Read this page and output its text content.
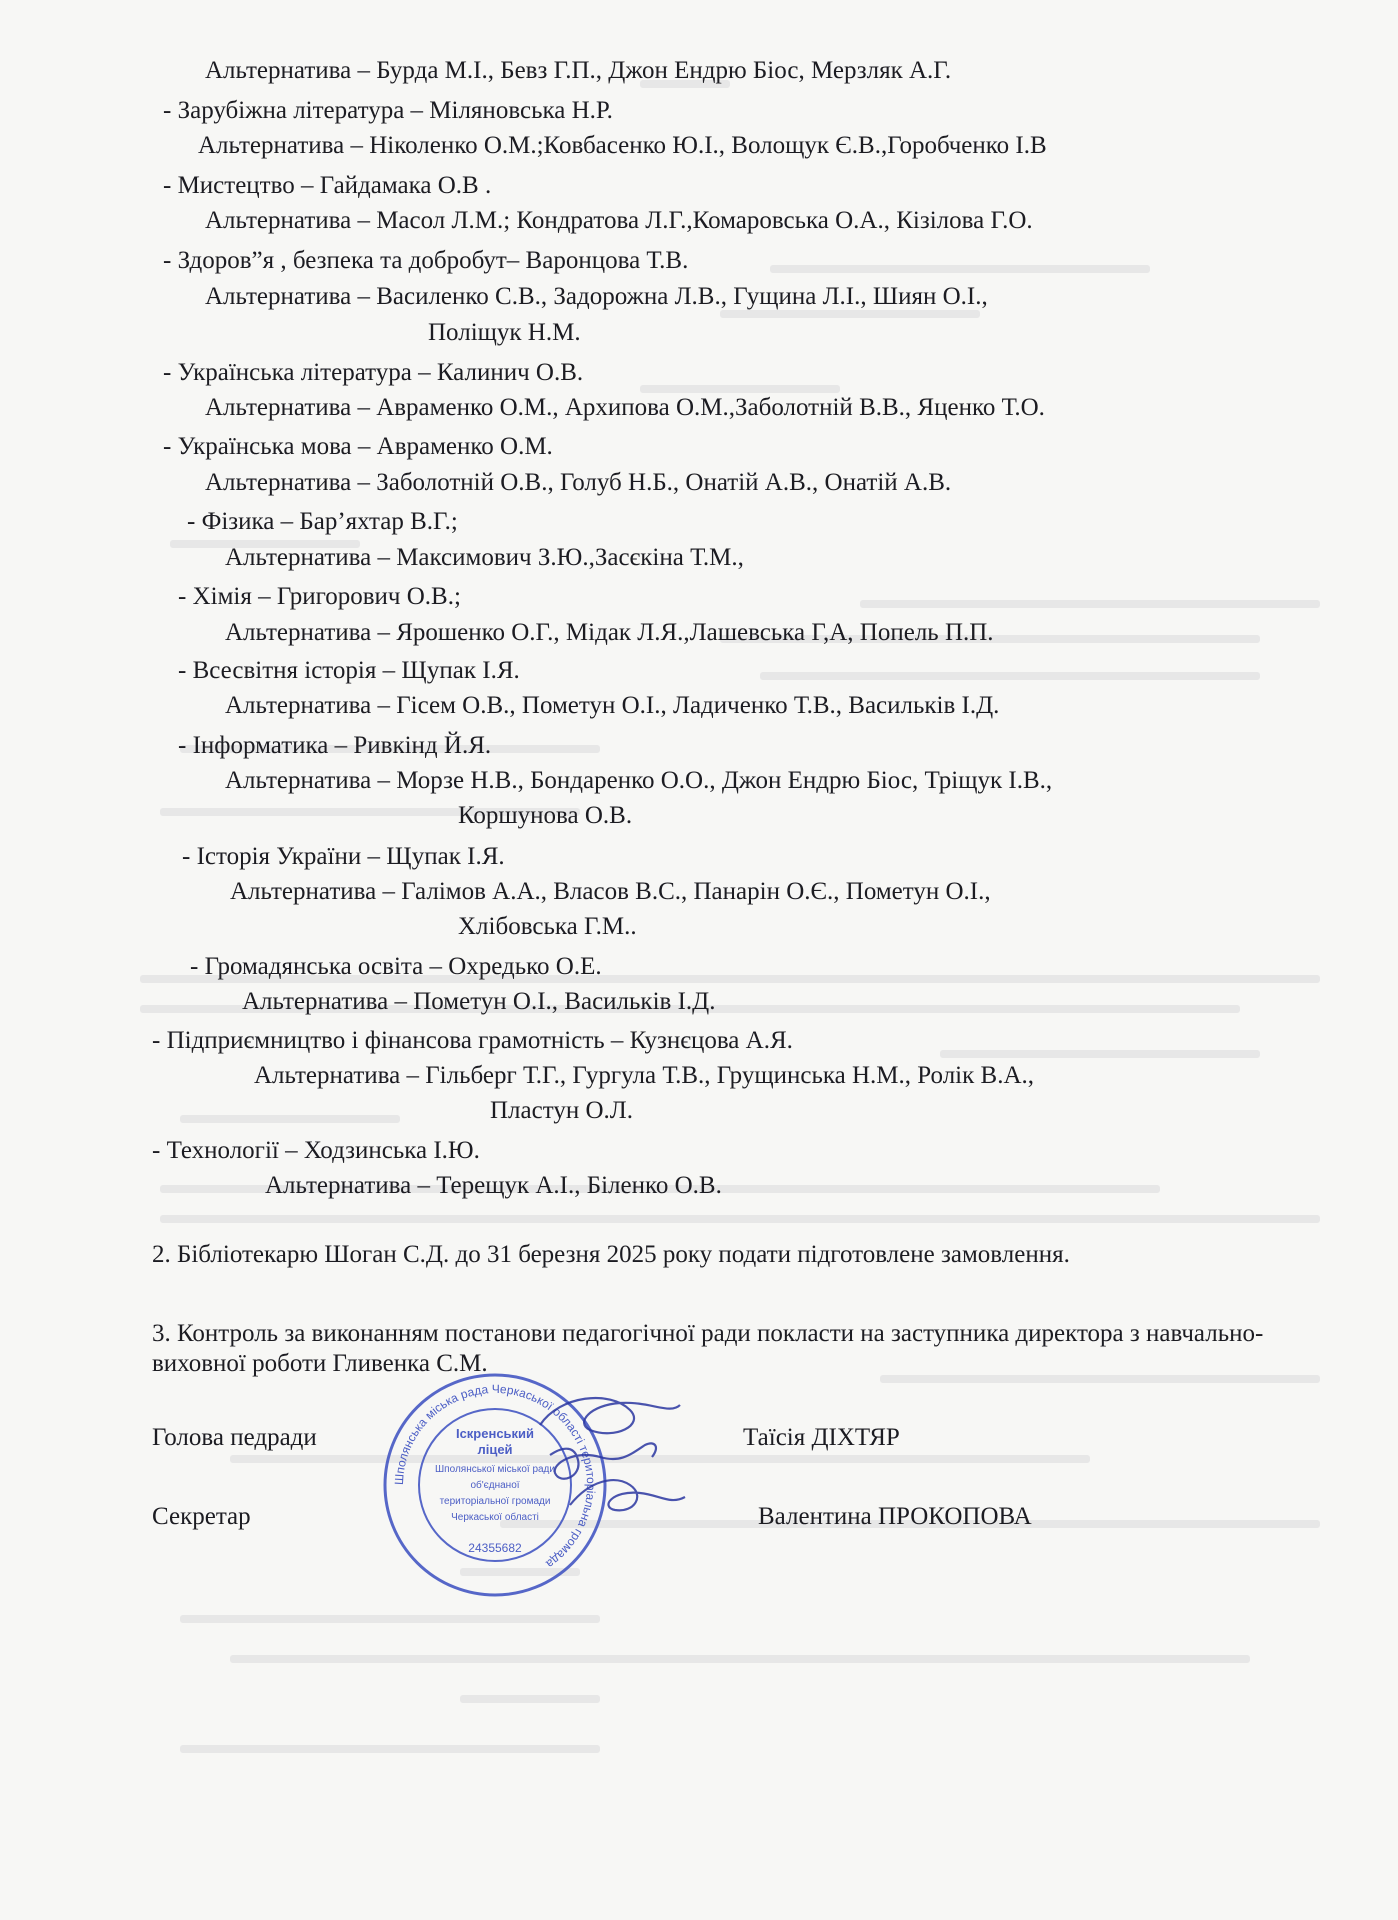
Альтернатива – Бурда М.І., Бевз Г.П., Джон Ендрю Біос, Мерзляк А.Г.
- Зарубіжна література – Міляновська Н.Р.
Альтернатива – Ніколенко О.М.;Ковбасенко Ю.І., Волощук Є.В.,Горобченко І.В
- Мистецтво – Гайдамака О.В .
Альтернатива – Масол Л.М.; Кондратова Л.Г.,Комаровська О.А., Кізілова Г.О.
- Здоров”я , безпека та добробут– Варонцова Т.В.
Альтернатива – Василенко С.В., Задорожна Л.В., Гущина Л.І., Шиян О.І.,
Поліщук Н.М.
- Українська література – Калинич О.В.
Альтернатива – Авраменко О.М., Архипова О.М.,Заболотній В.В., Яценко Т.О.
- Українська мова – Авраменко О.М.
Альтернатива – Заболотній О.В., Голуб Н.Б., Онатій А.В., Онатій А.В.
- Фізика – Бар’яхтар В.Г.;
Альтернатива – Максимович З.Ю.,Засєкіна Т.М.,
- Хімія – Григорович О.В.;
Альтернатива – Ярошенко О.Г., Мідак Л.Я.,Лашевська Г,А, Попель П.П.
- Всесвітня історія – Щупак І.Я.
Альтернатива – Гісем О.В., Пометун О.І., Ладиченко Т.В., Васильків І.Д.
- Інформатика – Ривкінд Й.Я.
Альтернатива – Морзе Н.В., Бондаренко О.О., Джон Ендрю Біос, Тріщук І.В.,
Коршунова О.В.
- Історія України – Щупак І.Я.
Альтернатива – Галімов А.А., Власов В.С., Панарін О.Є., Пометун О.І.,
Хлібовська Г.М..
- Громадянська освіта – Охредько О.Е.
Альтернатива – Пометун О.І., Васильків І.Д.
- Підприємництво і фінансова грамотність – Кузнєцова А.Я.
Альтернатива – Гільберг Т.Г., Гургула Т.В., Грущинська Н.М., Ролік В.А.,
Пластун О.Л.
- Технології – Ходзинська І.Ю.
Альтернатива – Терещук А.І., Біленко О.В.
2. Бібліотекарю Шоган С.Д. до 31 березня 2025 року подати підготовлене замовлення.
3. Контроль за виконанням постанови педагогічної ради покласти на заступника директора з навчально-виховної роботи Гливенка С.М.
Голова педради	Таїсія ДІХТЯР
Секретар	Валентина ПРОКОПОВА
Шполянська міська рада Черкаської області територіальна громада
Іскренський
ліцей
Шполянської міської ради
об'єднаної
територіальної громади
Черкаської області
24355682
